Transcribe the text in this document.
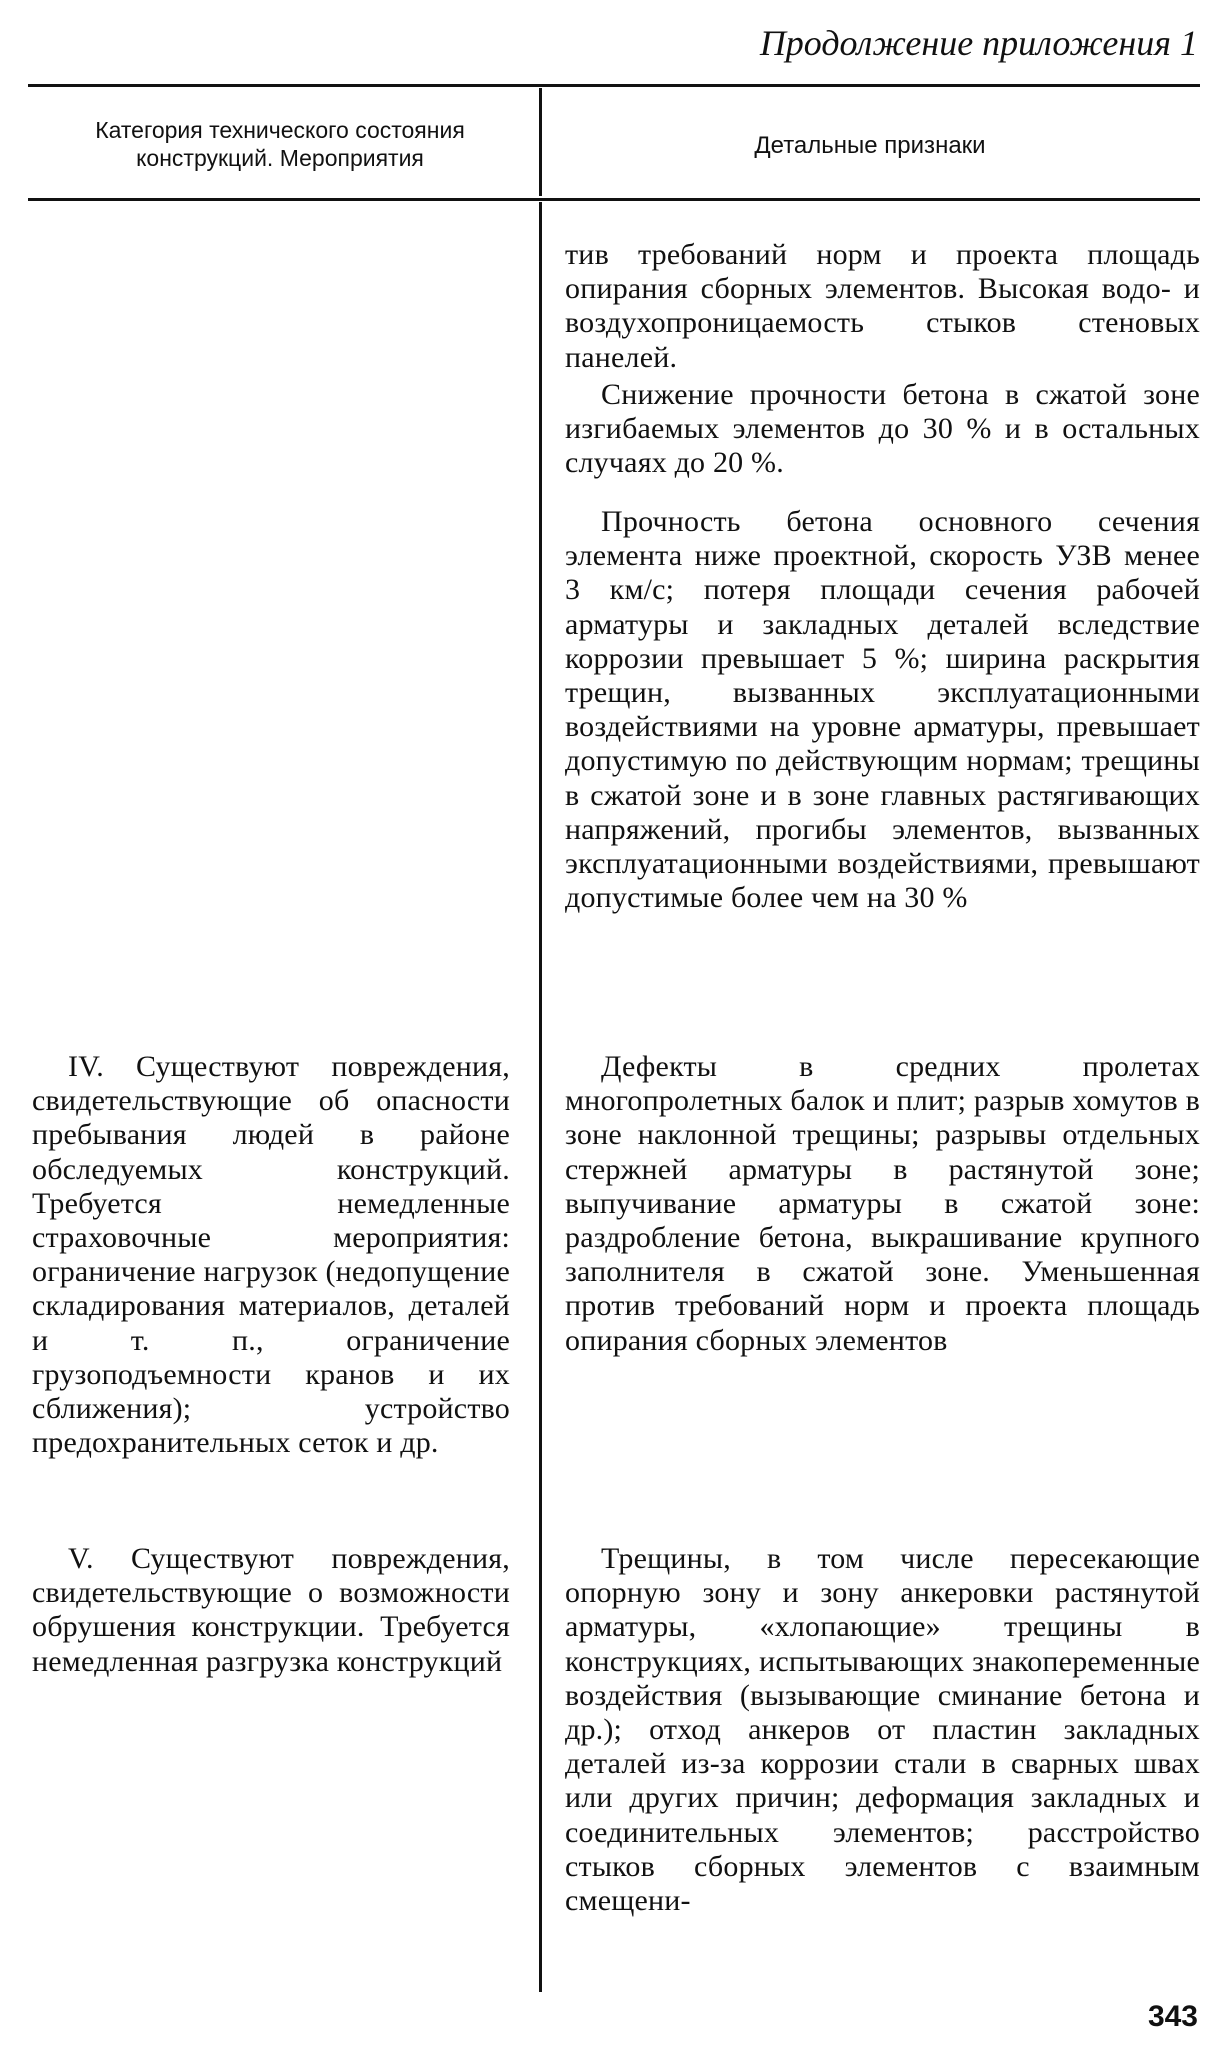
Продолжение приложения 1
Категория технического состояния конструкций. Мероприятия	Детальные признаки

тив требований норм и проекта площадь опирания сборных элементов. Высокая водо- и воздухопроницаемость стыков стеновых панелей.

Снижение прочности бетона в сжатой зоне изгибаемых элементов до 30 % и в остальных случаях до 20 %.

Прочность бетона основного сечения элемента ниже проектной, скорость УЗВ менее 3 км/с; потеря площади сечения рабочей арматуры и закладных деталей вследствие коррозии превышает 5 %; ширина раскрытия трещин, вызванных эксплуатационными воздействиями на уровне арматуры, превышает допустимую по действующим нормам; трещины в сжатой зоне и в зоне главных растягивающих напряжений, прогибы элементов, вызванных эксплуатационными воздействиями, превышают допустимые более чем на 30 %

Дефекты в средних пролетах многопролетных балок и плит; разрыв хомутов в зоне наклонной трещины; разрывы отдельных стержней арматуры в растянутой зоне; выпучивание арматуры в сжатой зоне: раздробление бетона, выкрашивание крупного заполнителя в сжатой зоне. Уменьшенная против требований норм и проекта площадь опирания сборных элементов

Трещины, в том числе пересекающие опорную зону и зону анкеровки растянутой арматуры, «хлопающие» трещины в конструкциях, испытывающих знакопеременные воздействия (вызывающие сминание бетона и др.); отход анкеров от пластин закладных деталей из-за коррозии стали в сварных швах или других причин; деформация закладных и соединительных элементов; расстройство стыков сборных элементов с взаимным смещени-

IV. Существуют повреждения, свидетельствующие об опасности пребывания людей в районе обследуемых конструкций. Требуется немедленные страховочные мероприятия: ограничение нагрузок (недопущение складирования материалов, деталей и т. п., ограничение грузоподъемности кранов и их сближения); устройство предохранительных сеток и др.

V. Существуют повреждения, свидетельствующие о возможности обрушения конструкции. Требуется немедленная разгрузка конструкций

343
